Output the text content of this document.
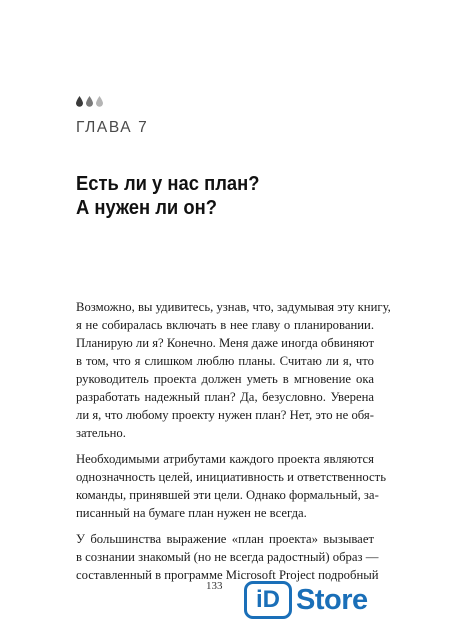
ГЛАВА 7
Есть ли у нас план?
А нужен ли он?
Возможно, вы удивитесь, узнав, что, задумывая эту книгу,
я не собиралась включать в нее главу о планировании.
Планирую ли я? Конечно. Меня даже иногда обвиняют
в том, что я слишком люблю планы. Считаю ли я, что
руководитель проекта должен уметь в мгновение ока
разработать надежный план? Да, безусловно. Уверена
ли я, что любому проекту нужен план? Нет, это не обя-
зательно.
Необходимыми атрибутами каждого проекта являются
однозначность целей, инициативность и ответственность
команды, принявшей эти цели. Однако формальный, за-
писанный на бумаге план нужен не всегда.
У большинства выражение «план проекта» вызывает
в сознании знакомый (но не всегда радостный) образ —
составленный в программе Microsoft Project подробный
133 iD Store
